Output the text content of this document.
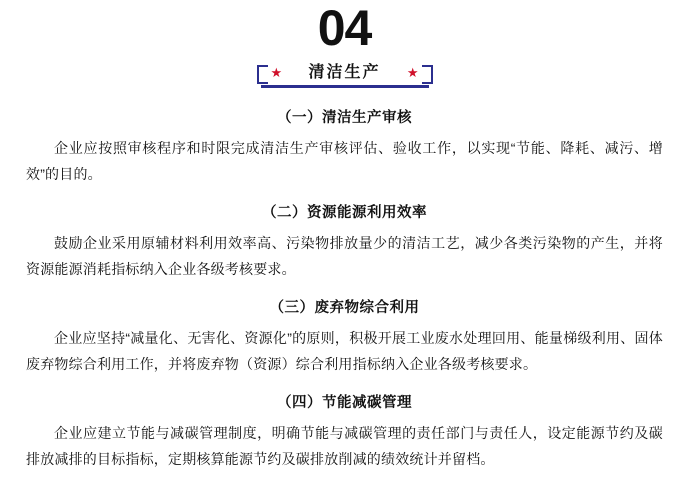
04
★	★
清洁生产
（一）清洁生产审核

企业应按照审核程序和时限完成清洁生产审核评估、验收工作，以实现“节能、降耗、减污、增效”的目的。

（二）资源能源利用效率

鼓励企业采用原辅材料利用效率高、污染物排放量少的清洁工艺，减少各类污染物的产生，并将资源能源消耗指标纳入企业各级考核要求。

（三）废弃物综合利用

企业应坚持“减量化、无害化、资源化”的原则，积极开展工业废水处理回用、能量梯级利用、固体废弃物综合利用工作，并将废弃物（资源）综合利用指标纳入企业各级考核要求。

（四）节能减碳管理

企业应建立节能与减碳管理制度，明确节能与减碳管理的责任部门与责任人，设定能源节约及碳排放减排的目标指标，定期核算能源节约及碳排放削减的绩效统计并留档。
